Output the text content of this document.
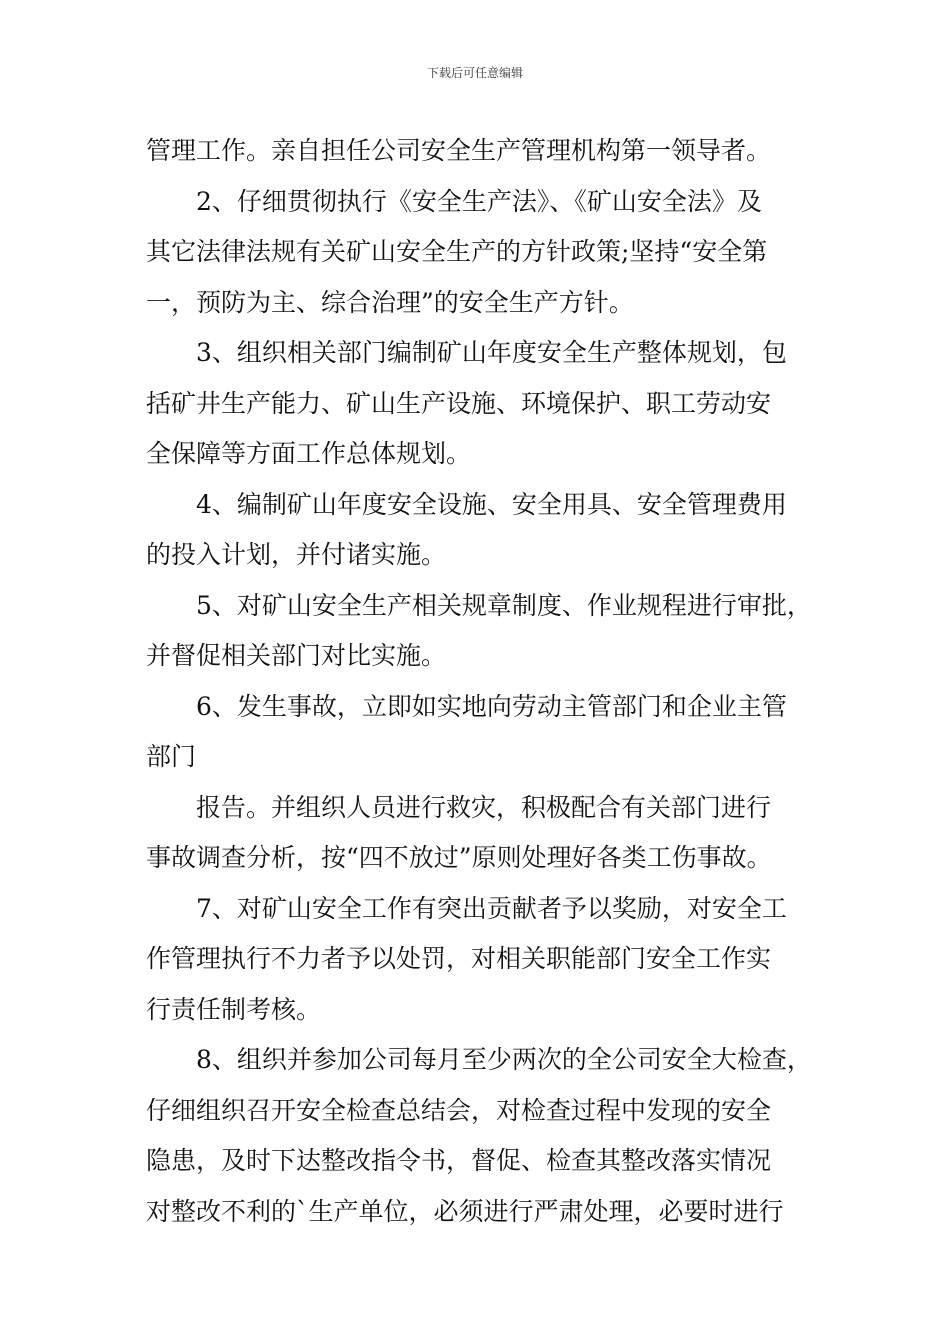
下载后可任意编辑
管理工作。亲自担任公司安全生产管理机构第一领导者。
2、仔细贯彻执行《安全生产法》、《矿山安全法》及
其它法律法规有关矿山安全生产的方针政策;坚持“安全第
一，预防为主、综合治理”的安全生产方针。
3、组织相关部门编制矿山年度安全生产整体规划，包
括矿井生产能力、矿山生产设施、环境保护、职工劳动安
全保障等方面工作总体规划。
4、编制矿山年度安全设施、安全用具、安全管理费用
的投入计划，并付诸实施。
5、对矿山安全生产相关规章制度、作业规程进行审批，
并督促相关部门对比实施。
6、发生事故，立即如实地向劳动主管部门和企业主管
部门
报告。并组织人员进行救灾，积极配合有关部门进行
事故调查分析，按“四不放过”原则处理好各类工伤事故。
7、对矿山安全工作有突出贡献者予以奖励，对安全工
作管理执行不力者予以处罚，对相关职能部门安全工作实
行责任制考核。
8、组织并参加公司每月至少两次的全公司安全大检查，
仔细组织召开安全检查总结会，对检查过程中发现的安全
隐患，及时下达整改指令书，督促、检查其整改落实情况
对整改不利的`生产单位，必须进行严肃处理，必要时进行
